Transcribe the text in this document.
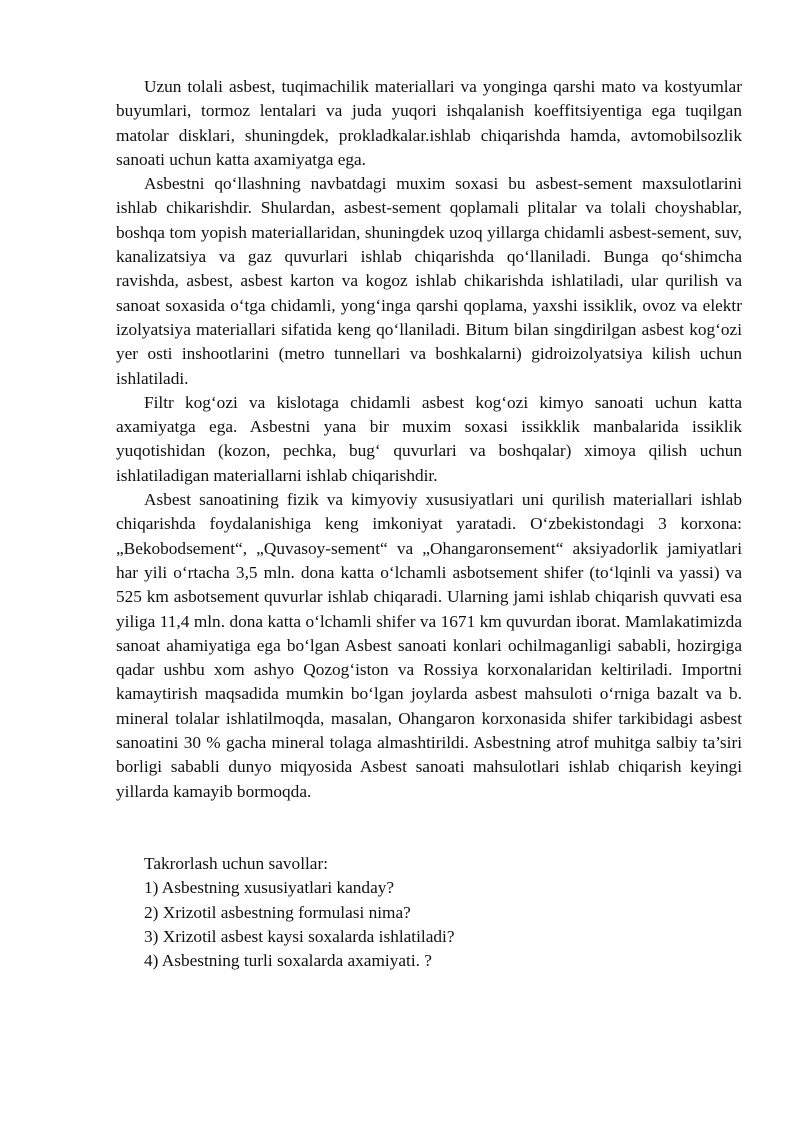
Uzun tolali asbest, tuqimachilik materiallari va yonginga qarshi mato va kostyumlar buyumlari, tormoz lentalari va juda yuqori ishqalanish koeffitsiyentiga ega tuqilgan matolar disklari, shuningdek, prokladkalar.ishlab chiqarishda hamda, avtomobilsozlik sanoati uchun katta axamiyatga ega.

Asbestni qo‘llashning navbatdagi muxim soxasi bu asbest-sement maxsulotlarini ishlab chikarishdir. Shulardan, asbest-sement qoplamali plitalar va tolali choyshablar, boshqa tom yopish materiallaridan, shuningdek uzoq yillarga chidamli asbest-sement, suv, kanalizatsiya va gaz quvurlari ishlab chiqarishda qo‘llaniladi. Bunga qo‘shimcha ravishda, asbest, asbest karton va kogoz ishlab chikarishda ishlatiladi, ular qurilish va sanoat soxasida o‘tga chidamli, yong‘inga qarshi qoplama, yaxshi issiklik, ovoz va elektr izolyatsiya materiallari sifatida keng qo‘llaniladi. Bitum bilan singdirilgan asbest kog‘ozi yer osti inshootlarini (metro tunnellari va boshkalarni) gidroizolyatsiya kilish uchun ishlatiladi.

Filtr kog‘ozi va kislotaga chidamli asbest kog‘ozi kimyo sanoati uchun katta axamiyatga ega. Asbestni yana bir muxim soxasi issikklik manbalarida issiklik yuqotishidan (kozon, pechka, bug‘ quvurlari va boshqalar) ximoya qilish uchun ishlatiladigan materiallarni ishlab chiqarishdir.

Asbest sanoatining fizik va kimyoviy xususiyatlari uni qurilish materiallari ishlab chiqarishda foydalanishiga keng imkoniyat yaratadi. O‘zbekistondagi 3 korxona: „Bekobodsement“, „Quvasoy-sement“ va „Ohangaronsement“ aksiyadorlik jamiyatlari har yili o‘rtacha 3,5 mln. dona katta o‘lchamli asbotsement shifer (to‘lqinli va yassi) va 525 km asbotsement quvurlar ishlab chiqaradi. Ularning jami ishlab chiqarish quvvati esa yiliga 11,4 mln. dona katta o‘lchamli shifer va 1671 km quvurdan iborat. Mamlakatimizda sanoat ahamiyatiga ega bo‘lgan Asbest sanoati konlari ochilmaganligi sababli, hozirgiga qadar ushbu xom ashyo Qozog‘iston va Rossiya korxonalaridan keltiriladi. Importni kamaytirish maqsadida mumkin bo‘lgan joylarda asbest mahsuloti o‘rniga bazalt va b. mineral tolalar ishlatilmoqda, masalan, Ohangaron korxonasida shifer tarkibidagi asbest sanoatini 30 % gacha mineral tolaga almashtirildi. Asbestning atrof muhitga salbiy ta’siri borligi sababli dunyo miqyosida Asbest sanoati mahsulotlari ishlab chiqarish keyingi yillarda kamayib bormoqda.

Takrorlash uchun savollar:

1) Asbestning xususiyatlari kanday?

2) Xrizotil asbestning formulasi nima?

3) Xrizotil asbest kaysi soxalarda ishlatiladi?

4) Asbestning turli soxalarda axamiyati. ?
